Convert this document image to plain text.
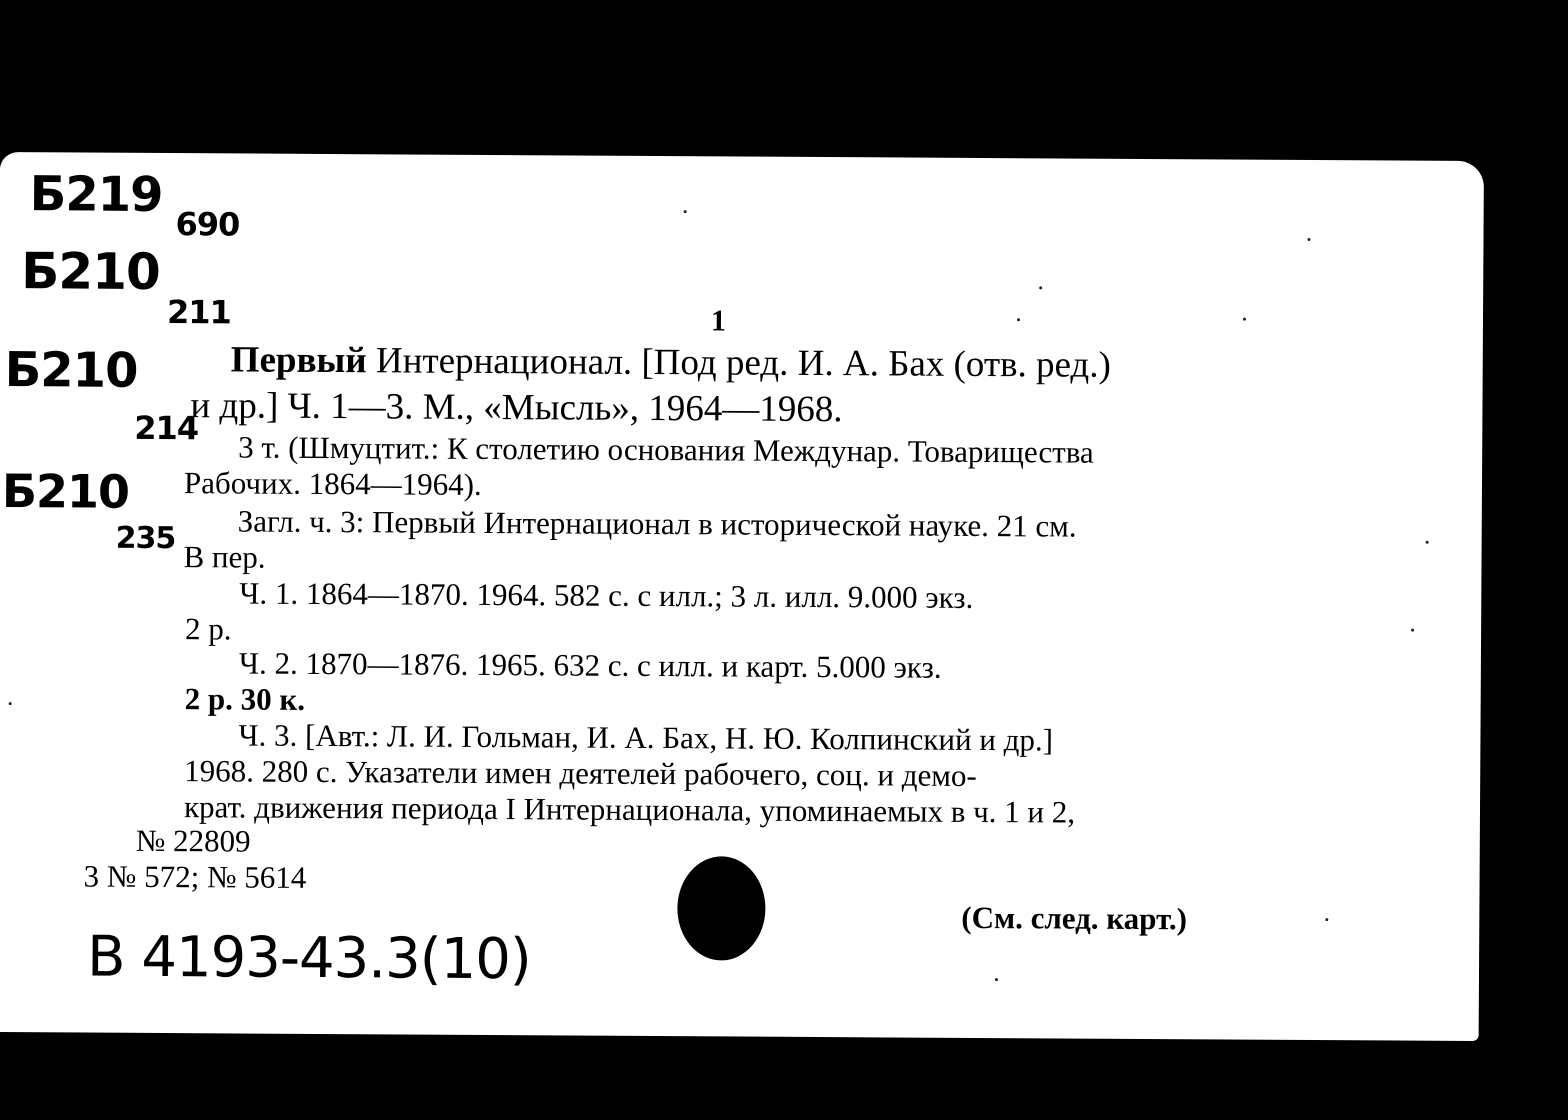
Б219
690
Б210
211
Б210
214
Б210
235
1
Первый Интернационал. [Под ред. И. А. Бах (отв. ред.)
и др.] Ч. 1—3. М., «Мысль», 1964—1968.
3 т. (Шмуцтит.: К столетию основания Междунар. Товарищества
Рабочих. 1864—1964).
Загл. ч. 3: Первый Интернационал в исторической науке. 21 см.
В пер.
Ч. 1. 1864—1870. 1964. 582 с. с илл.; 3 л. илл. 9.000 экз.
2 р.
Ч. 2. 1870—1876. 1965. 632 с. с илл. и карт. 5.000 экз.
2 р. 30 к.
Ч. 3. [Авт.: Л. И. Гольман, И. А. Бах, Н. Ю. Колпинский и др.]
1968. 280 с. Указатели имен деятелей рабочего, соц. и демо-
крат. движения периода I Интернационала, упоминаемых в ч. 1 и 2,
№ 22809
3 № 572; № 5614
(См. след. карт.)
B 4193-43.3(10)
